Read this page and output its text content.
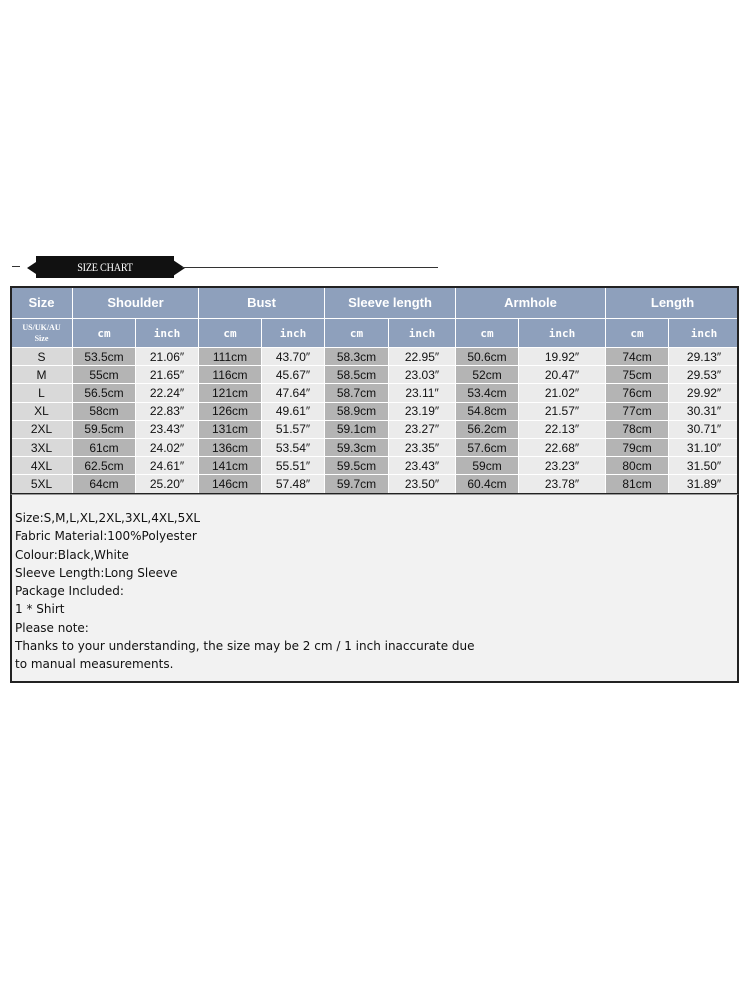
SIZE CHART
Size	Shoulder		Bust		Sleeve length		Armhole		Length	

US/UK/AU
Size	cm	inch	cm	inch	cm	inch	cm	inch	cm	inch
S	53.5cm	21.06″	111cm	43.70″	58.3cm	22.95″	50.6cm	19.92″	74cm	29.13″
M	55cm	21.65″	116cm	45.67″	58.5cm	23.03″	52cm	20.47″	75cm	29.53″
L	56.5cm	22.24″	121cm	47.64″	58.7cm	23.11″	53.4cm	21.02″	76cm	29.92″
XL	58cm	22.83″	126cm	49.61″	58.9cm	23.19″	54.8cm	21.57″	77cm	30.31″
2XL	59.5cm	23.43″	131cm	51.57″	59.1cm	23.27″	56.2cm	22.13″	78cm	30.71″
3XL	61cm	24.02″	136cm	53.54″	59.3cm	23.35″	57.6cm	22.68″	79cm	31.10″
4XL	62.5cm	24.61″	141cm	55.51″	59.5cm	23.43″	59cm	23.23″	80cm	31.50″
5XL	64cm	25.20″	146cm	57.48″	59.7cm	23.50″	60.4cm	23.78″	81cm	31.89″
Size:S,M,L,XL,2XL,3XL,4XL,5XL
Fabric Material:100%Polyester
Colour:Black,White
Sleeve Length:Long Sleeve
Package Included:
1 * Shirt
Please note:
Thanks to your understanding, the size may be 2 cm / 1 inch inaccurate due
to manual measurements.
